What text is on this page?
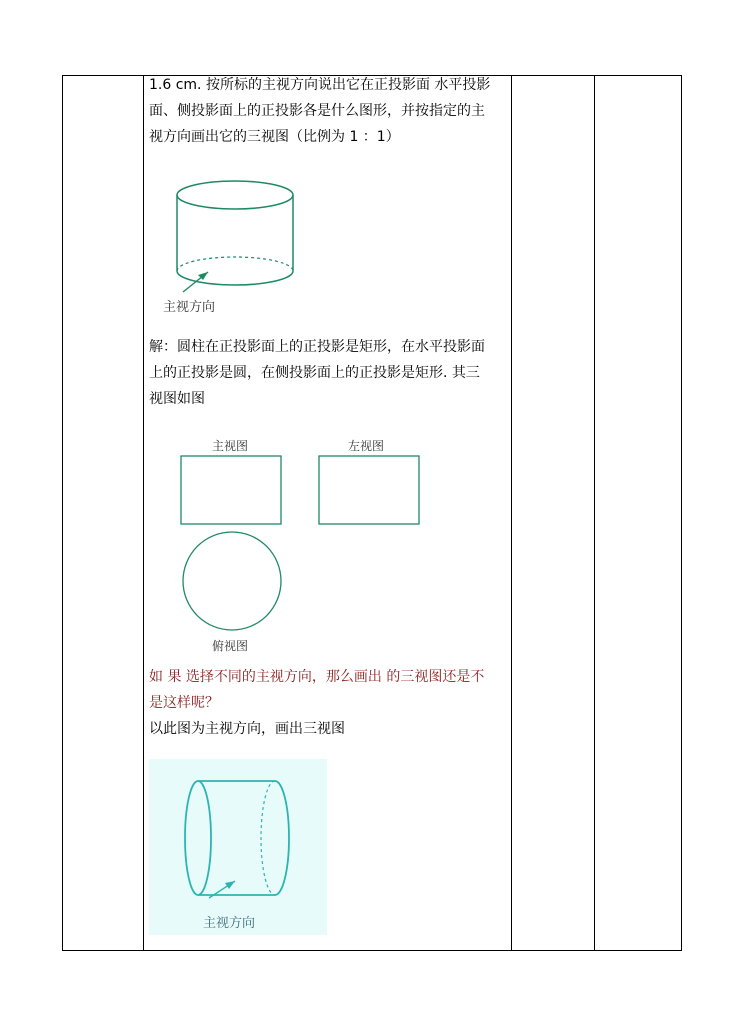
1.6 cm. 按所标的主视方向说出它在正投影面 水平投影
面、侧投影面上的正投影各是什么图形，并按指定的主
视方向画出它的三视图（比例为 1 ：1）

主视方向

解：圆柱在正投影面上的正投影是矩形，在水平投影面
上的正投影是圆，在侧投影面上的正投影是矩形. 其三
视图如图

主视图	左视图
俯视图

如 果 选择不同的主视方向，那么画出 的三视图还是不
是这样呢？
以此图为主视方向，画出三视图

主视方向
